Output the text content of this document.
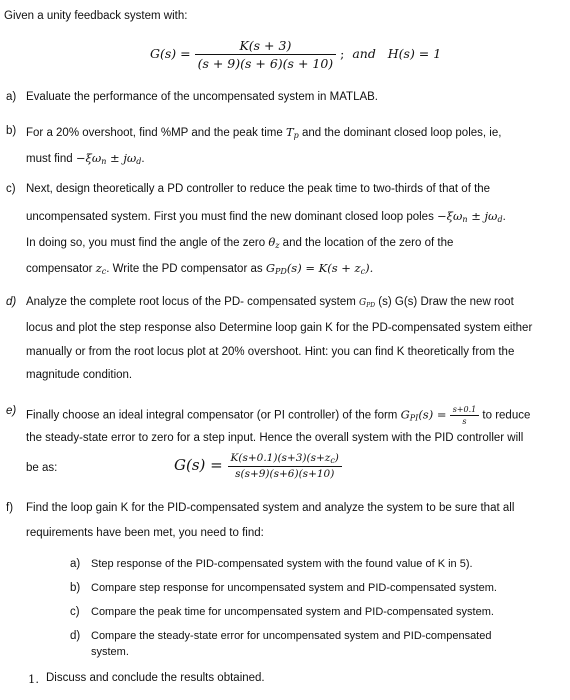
Given a unity feedback system with:
$G(s) = \frac{K(s + 3)}{(s + 9)(s + 6)(s + 10)}$ ; and H(s) = 1
a) Evaluate the performance of the uncompensated system in MATLAB.
b) For a 20% overshoot, find %MP and the peak time $T_p$ and the dominant closed loop poles, ie,
must find $-\xi\omega_n \pm j\omega_d$.
c) Next, design theoretically a PD controller to reduce the peak time to two-thirds of that of the
uncompensated system. First you must find the new dominant closed loop poles $-\xi\omega_n \pm j\omega_d$.
In doing so, you must find the angle of the zero $\theta_z$ and the location of the zero of the
compensator $z_c$. Write the PD compensator as $G_{PD}(s) = K(s + z_c)$.
d) Analyze the complete root locus of the PD- compensated system $G_{PD}$ (s) G(s) Draw the new root
locus and plot the step response also Determine loop gain K for the PD-compensated system either
manually or from the root locus plot at 20% overshoot. Hint: you can find K theoretically from the
magnitude condition.
e) Finally choose an ideal integral compensator (or PI controller) of the form $G_{PI}(s) = \frac{s+0.1}{s}$ to reduce
the steady-state error to zero for a step input. Hence the overall system with the PID controller will
be as:	$G(s) = \frac{K(s+0.1)(s+3)(s+z_c)}{s(s+9)(s+6)(s+10)}$
f) Find the loop gain K for the PID-compensated system and analyze the system to be sure that all
requirements have been met, you need to find:
a) Step response of the PID-compensated system with the found value of K in 5).
b) Compare step response for uncompensated system and PID-compensated system.
c) Compare the peak time for uncompensated system and PID-compensated system.
d) Compare the steady-state error for uncompensated system and PID-compensated
system.
1. Discuss and conclude the results obtained.
